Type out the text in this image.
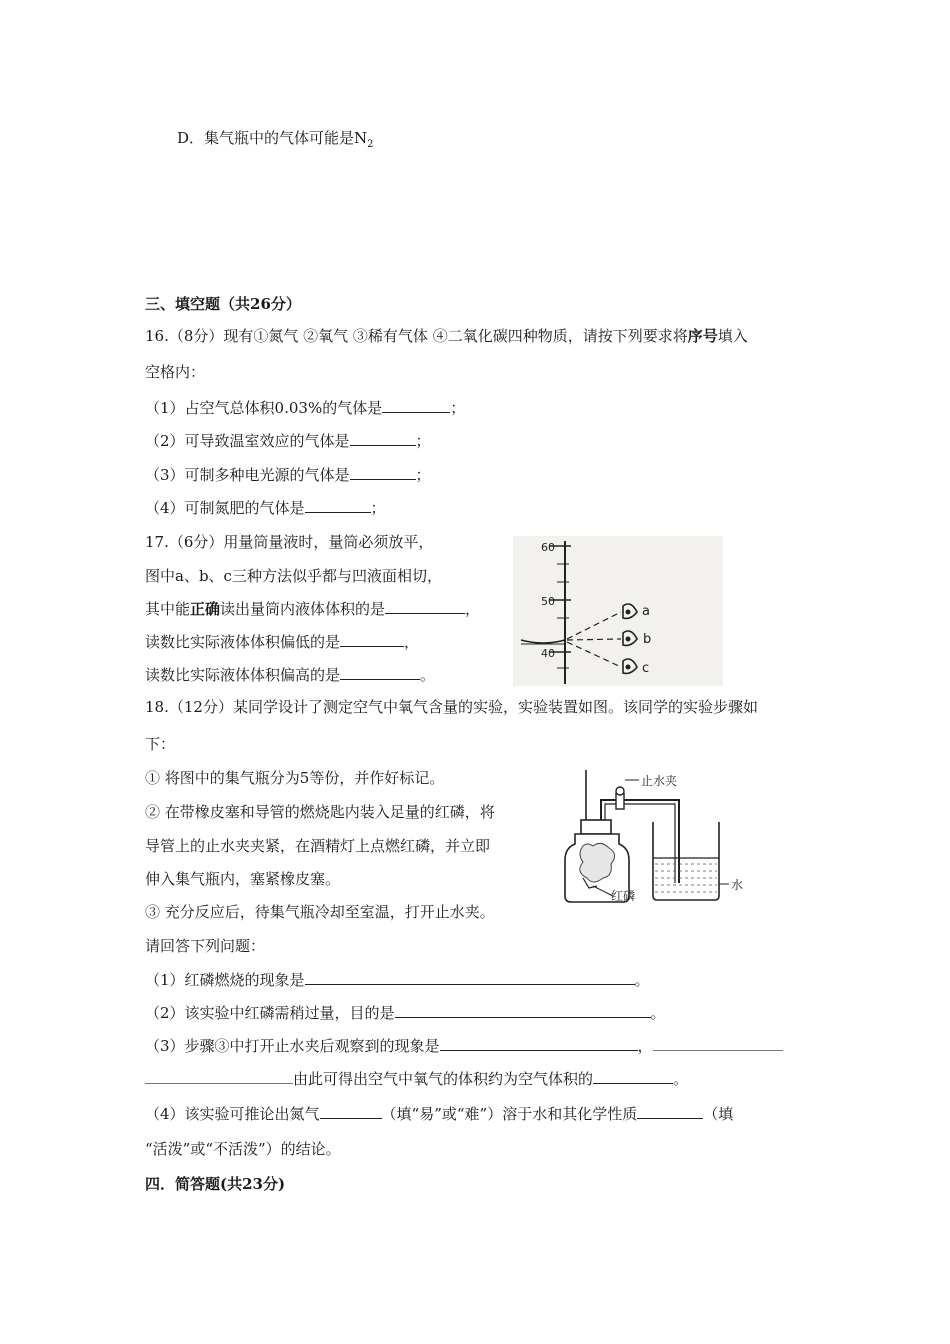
D．集气瓶中的气体可能是$N_2$
三、填空题（共26分）
16.（8分）现有①氮气 ②氧气 ③稀有气体 ④二氧化碳四种物质，请按下列要求将序号填入
空格内：
（1）占空气总体积0.03%的气体是	；
（2）可导致温室效应的气体是	；
（3）可制多种电光源的气体是	；
（4）可制氮肥的气体是	；
17.（6分）用量筒量液时，量筒必须放平，
图中a、b、c三种方法似乎都与凹液面相切，
其中能正确读出量筒内液体体积的是	，
读数比实际液体体积偏低的是	，
读数比实际液体体积偏高的是	。
60
50
40
a
b
c
18.（12分）某同学设计了测定空气中氧气含量的实验，实验装置如图。该同学的实验步骤如
下：
① 将图中的集气瓶分为5等份，并作好标记。
② 在带橡皮塞和导管的燃烧匙内装入足量的红磷，将
导管上的止水夹夹紧，在酒精灯上点燃红磷，并立即
伸入集气瓶内，塞紧橡皮塞。
③ 充分反应后，待集气瓶冷却至室温，打开止水夹。
止水夹
红磷
水
请回答下列问题：
（1）红磷燃烧的现象是	。
（2）该实验中红磷需稍过量，目的是	。
（3）步骤③中打开止水夹后观察到的现象是	，
由此可得出空气中氧气的体积约为空气体积的	。
（4）该实验可推论出氮气	（填“易”或“难”）溶于水和其化学性质	（填
“活泼”或“不活泼”）的结论。
四．简答题(共23分)
